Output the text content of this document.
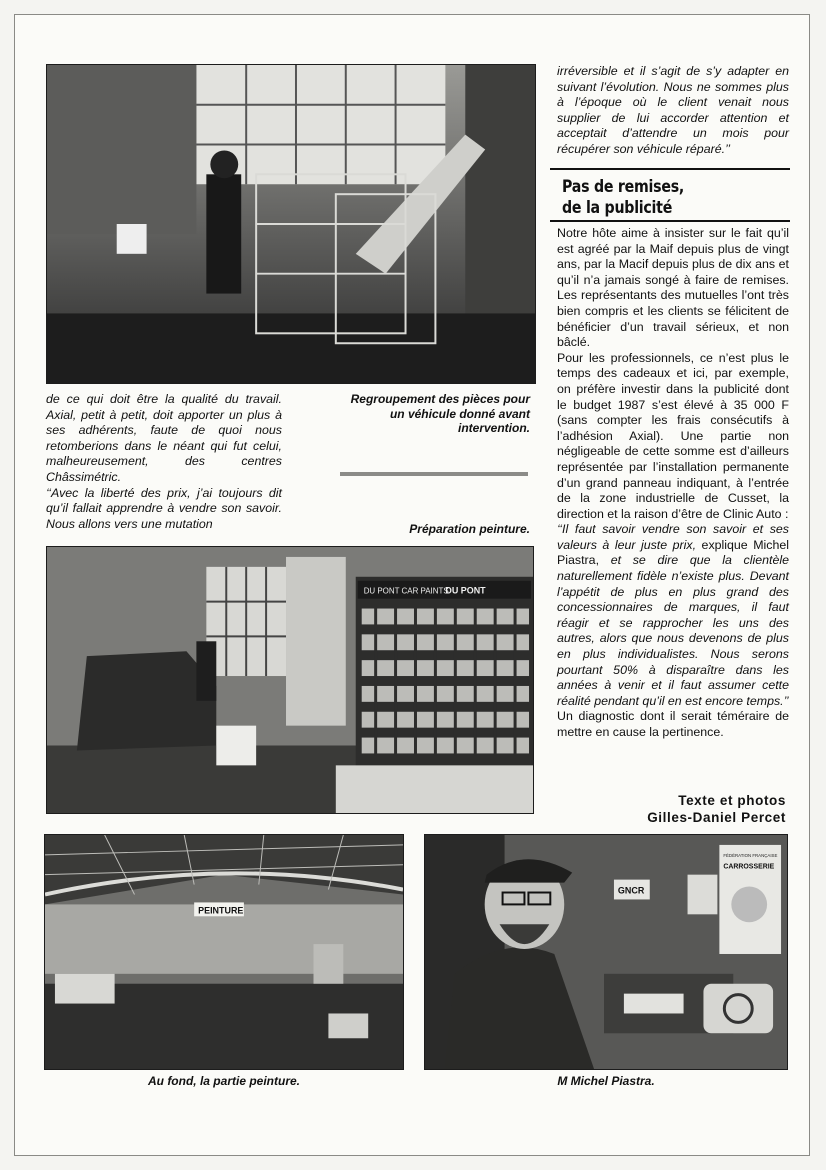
DU PONT CAR PAINTS
DU PONT
PEINTURE
GNCR
FÉDÉRATION FRANÇAISE
CARROSSERIE

irréversible et il s’agit de s’y adapter en suivant l’évolution. Nous ne sommes plus à l’époque où le client venait nous supplier de lui accorder attention et acceptait d’attendre un mois pour récupérer son véhicule réparé.’’

Pas de remises,
de la publicité

Notre hôte aime à insister sur le fait qu’il est agréé par la Maif depuis plus de vingt ans, par la Macif depuis plus de dix ans et qu’il n’a jamais songé à faire de remises. Les représentants des mutuelles l’ont très bien compris et les clients se félicitent de bénéficier d’un travail sérieux, et non bâclé.

Pour les professionnels, ce n’est plus le temps des cadeaux et ici, par exemple, on préfère investir dans la publicité dont le budget 1987 s’est élevé à 35 000 F (sans compter les frais consécutifs à l’adhésion Axial). Une partie non négligeable de cette somme est d’ailleurs représentée par l’installation permanente d’un grand panneau indiquant, à l’entrée de la zone industrielle de Cusset, la direction et la raison d’être de Clinic Auto :

‘‘Il faut savoir vendre son savoir et ses valeurs à leur juste prix, explique Michel Piastra, et se dire que la clientèle naturellement fidèle n’existe plus. Devant l’appétit de plus en plus grand des concessionnaires de marques, il faut réagir et se rapprocher les uns des autres, alors que nous devenons de plus en plus individualistes. Nous serons pourtant 50% à disparaître dans les années à venir et il faut assumer cette réalité pendant qu’il en est encore temps.’’

Un diagnostic dont il serait téméraire de mettre en cause la pertinence.

Texte et photos
Gilles-Daniel Percet

de ce qui doit être la qualité du travail. Axial, petit à petit, doit apporter un plus à ses adhérents, faute de quoi nous retomberions dans le néant qui fut celui, malheureusement, des centres Châssimétric.

‘‘Avec la liberté des prix, j’ai toujours dit qu’il fallait apprendre à vendre son savoir. Nous allons vers une mutation

Regroupement des pièces pour un véhicule donné avant intervention.
Préparation peinture.
Au fond, la partie peinture.	M Michel Piastra.
